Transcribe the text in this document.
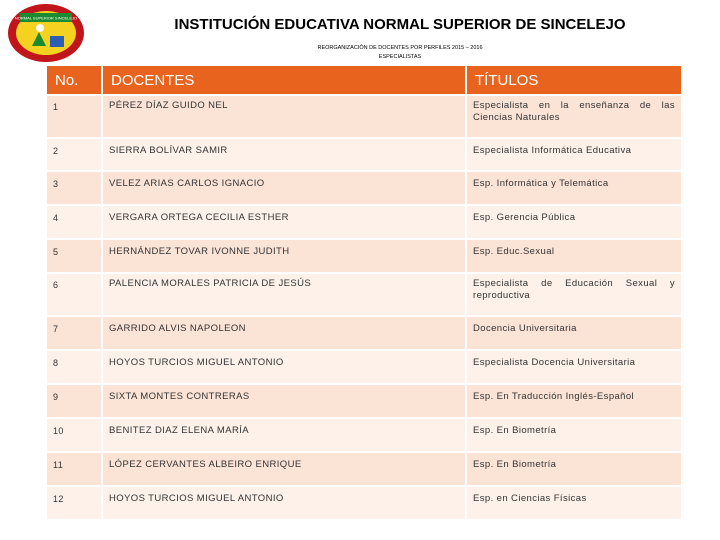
NORMAL SUPERIOR SINCELEJO	INSTITUCIÓN EDUCATIVA NORMAL SUPERIOR DE SINCELEJO
REORGANIZACIÓN DE DOCENTES POR PERFILES 2015 – 2016
ESPECIALISTAS
No.	DOCENTES	TÍTULOS
1	PÉREZ DÍAZ GUIDO NEL	Especialista en la enseñanza de las Ciencias Naturales
2	SIERRA BOLÍVAR SAMIR	Especialista Informática Educativa
3	VELEZ ARIAS CARLOS IGNACIO	Esp. Informática y Telemática
4	VERGARA ORTEGA CECILIA ESTHER	Esp. Gerencia Pública
5	HERNÁNDEZ TOVAR IVONNE JUDITH	Esp. Educ.Sexual
6	PALENCIA MORALES PATRICIA DE JESÚS	Especialista de Educación Sexual y reproductiva
7	GARRIDO ALVIS NAPOLEON	Docencia Universitaria
8	HOYOS TURCIOS MIGUEL ANTONIO	Especialista Docencia Universitaria
9	SIXTA MONTES CONTRERAS	Esp. En Traducción Inglés-Español
10	BENITEZ DIAZ ELENA MARÍA	Esp. En Biometría
11	LÓPEZ CERVANTES ALBEIRO ENRIQUE	Esp. En Biometría
12	HOYOS TURCIOS MIGUEL ANTONIO	Esp. en Ciencias Físicas
